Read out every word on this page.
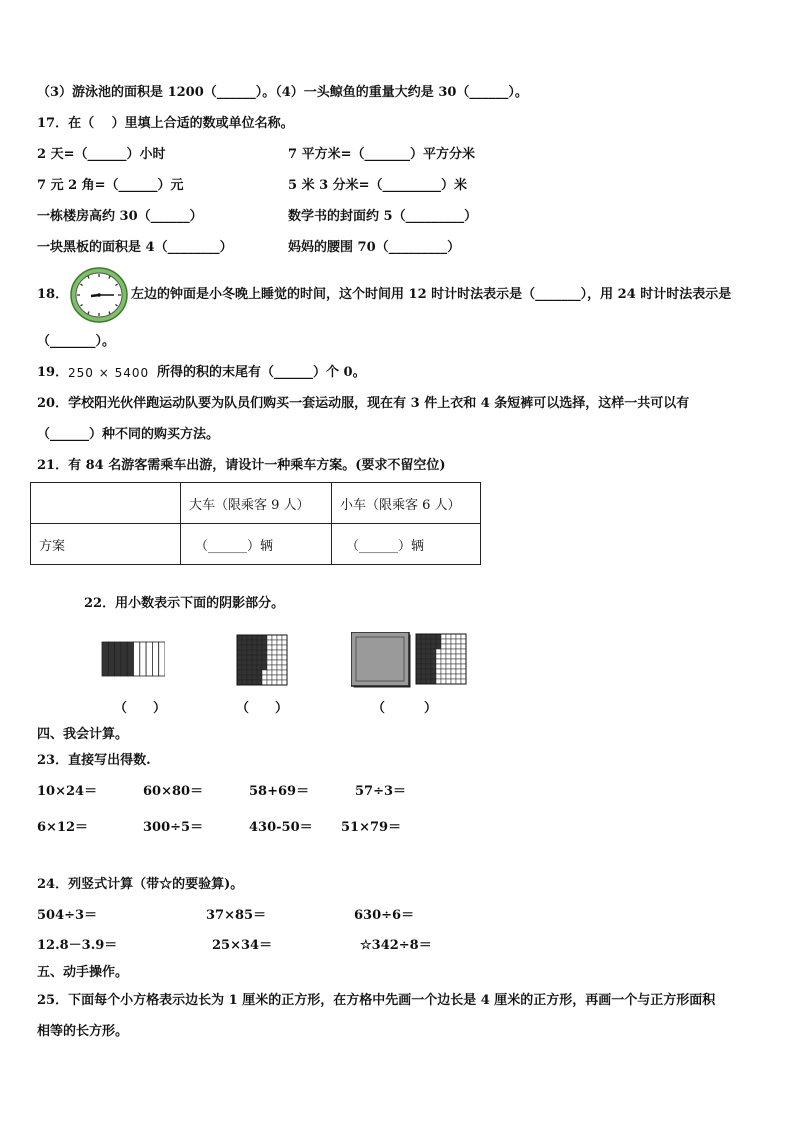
（3）游泳池的面积是 1200（______）。（4）一头鲸鱼的重量大约是 30（______）。
17．在（　 ）里填上合适的数或单位名称。
2 天=（______）小时	7 平方米=（_______）平方分米
7 元 2 角=（______）元	5 米 3 分米=（_________）米
一栋楼房高约 30（______）	数学书的封面约 5（_________）
一块黑板的面积是 4（________）	妈妈的腰围 70（_________）
18．	左边的钟面是小冬晚上睡觉的时间，这个时间用 12 时计时法表示是（_______），用 24 时计时法表示是
（_______）。
19． 250 × 5400 所得的积的末尾有（______）个 0。
20．学校阳光伙伴跑运动队要为队员们购买一套运动服，现在有 3 件上衣和 4 条短裤可以选择，这样一共可以有
（______）种不同的购买方法。
21．有 84 名游客需乘车出游，请设计一种乘车方案。(要求不留空位)
	大车（限乘客 9 人）	小车（限乘客 6 人）
方案	（______）辆	（______）辆
22．用小数表示下面的阴影部分。
（　　）	（　　）	（　　　）
四、我会计算。
23．直接写出得数.
10×24＝	60×80＝	58+69＝	57÷3＝
6×12＝	300÷5＝	430-50＝ 51×79＝
24．列竖式计算（带☆的要验算)。
504÷3＝	37×85＝	630÷6＝
12.8－3.9＝	25×34＝	☆342÷8＝
五、动手操作。
25．下面每个小方格表示边长为 1 厘米的正方形，在方格中先画一个边长是 4 厘米的正方形，再画一个与正方形面积
相等的长方形。
